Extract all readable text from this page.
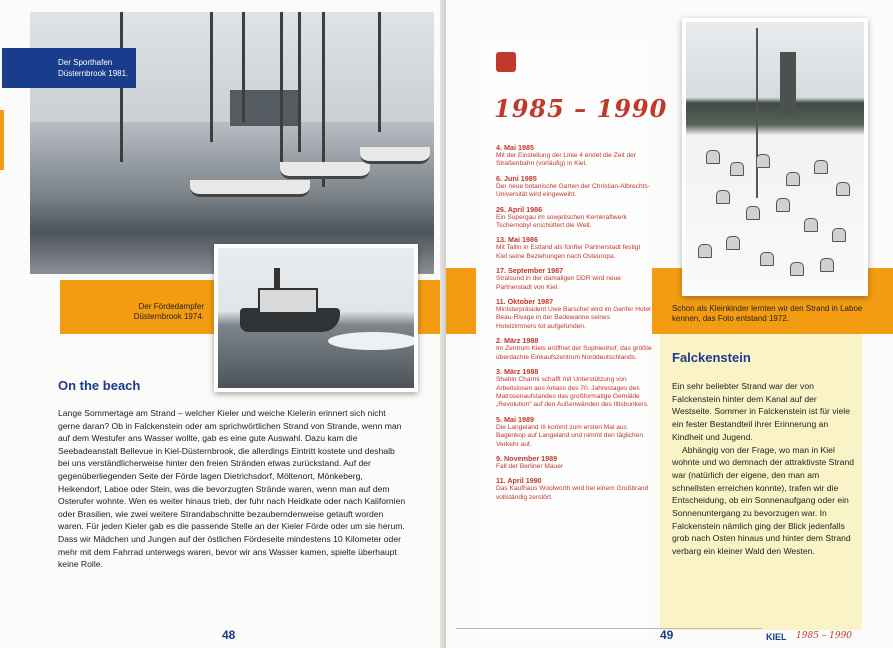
Der Sporthafen
Düsternbrook 1981.
Der Fördedampfer
Düsternbrook 1974.
On the beach
Lange Sommertage am Strand – welcher Kieler und weiche Kielerin erinnert sich nicht gerne daran? Ob in Falckenstein oder am sprichwörtlichen Strand von Strande, wenn man auf dem Westufer ans Wasser wollte, gab es eine gute Auswahl. Dazu kam die Seebadeanstalt Bellevue in Kiel-Düsternbrook, die allerdings Eintritt kostete und deshalb bei uns verständlicherweise hinter den freien Stränden etwas zurückstand. Auf der gegenüberliegenden Seite der Förde lagen Dietrichsdorf, Möltenort, Mönkeberg, Heikendorf, Laboe oder Stein, was die bevorzugten Strände waren, wenn man auf dem Osterufer wohnte. Wen es weiter hinaus trieb, der fuhr nach Heidkate oder nach Kalifornien oder Brasilien, wie zwei weitere Strandabschnitte bezauberndenweise getauft worden waren. Für jeden Kieler gab es die passende Stelle an der Kieler Förde oder um sie herum. Dass wir Mädchen und Jungen auf der östlichen Fördeseite mindestens 10 Kilometer oder mehr mit dem Fahrrad unterwegs waren, bevor wir ans Wasser kamen, spielte überhaupt keine Rolle.
48
1985 – 1990
4. Mai 1985
Mit der Einstellung der Linie 4 endet die Zeit der Straßenbahn (vorläufig) in Kiel.
6. Juni 1985
Der neue botanische Garten der Christian-Albrechts-Universität wird eingeweiht.
26. April 1986
Ein Supergau im sowjetischen Kernkraftwerk Tschernobyl erschüttert die Welt.
13. Mai 1986
Mit Tallin in Estland als fünfter Partnerstadt festigt Kiel seine Beziehungen nach Osteuropa.
17. September 1987
Stralsund in der damaligen DDR wird neue Partnerstadt von Kiel.
11. Oktober 1987
Ministerpräsident Uwe Barschel wird im Genfer Hotel Beau-Rivage in der Badewanne seines Hotelzimmers tot aufgefunden.
2. März 1988
Im Zentrum Kiels eröffnet der Sophienhof, das größte überdachte Einkaufszentrum Norddeutschlands.
3. März 1988
Shahin Charmi schafft mit Unterstützung von Arbeitslosen aus Anlass des 70. Jahrestages des Matrosenaufstandes das großformatige Gemälde „Revolution“ auf den Außenwänden des Iltisbunkers.
5. Mai 1989
Die Langeland III kommt zum ersten Mal aus Bagenkop auf Langeland und nimmt den täglichen Verkehr auf.
9. November 1989
Fall der Berliner Mauer
11. April 1990
Das Kaufhaus Woolworth wird bei einem Großbrand vollständig zerstört.
Schon als Kleinkinder lernten wir den Strand in Laboe kennen, das Foto entstand 1972.
Falckenstein

Ein sehr beliebter Strand war der von Falckenstein hinter dem Kanal auf der Westseite. Sommer in Falckenstein ist für viele ein fester Bestandteil ihrer Erinnerung an Kindheit und Jugend.

Abhängig von der Frage, wo man in Kiel wohnte und wo demnach der attraktivste Strand war (natürlich der eigene, den man am schnellsten erreichen konnte), trafen wir die Entscheidung, ob ein Sonnenaufgang oder ein Sonnenuntergang zu bevorzugen war. In Falckenstein nämlich ging der Blick jedenfalls grob nach Osten hinaus und hinter dem Strand verbarg ein kleiner Wald den Westen.

49	KIEL 1985 – 1990
